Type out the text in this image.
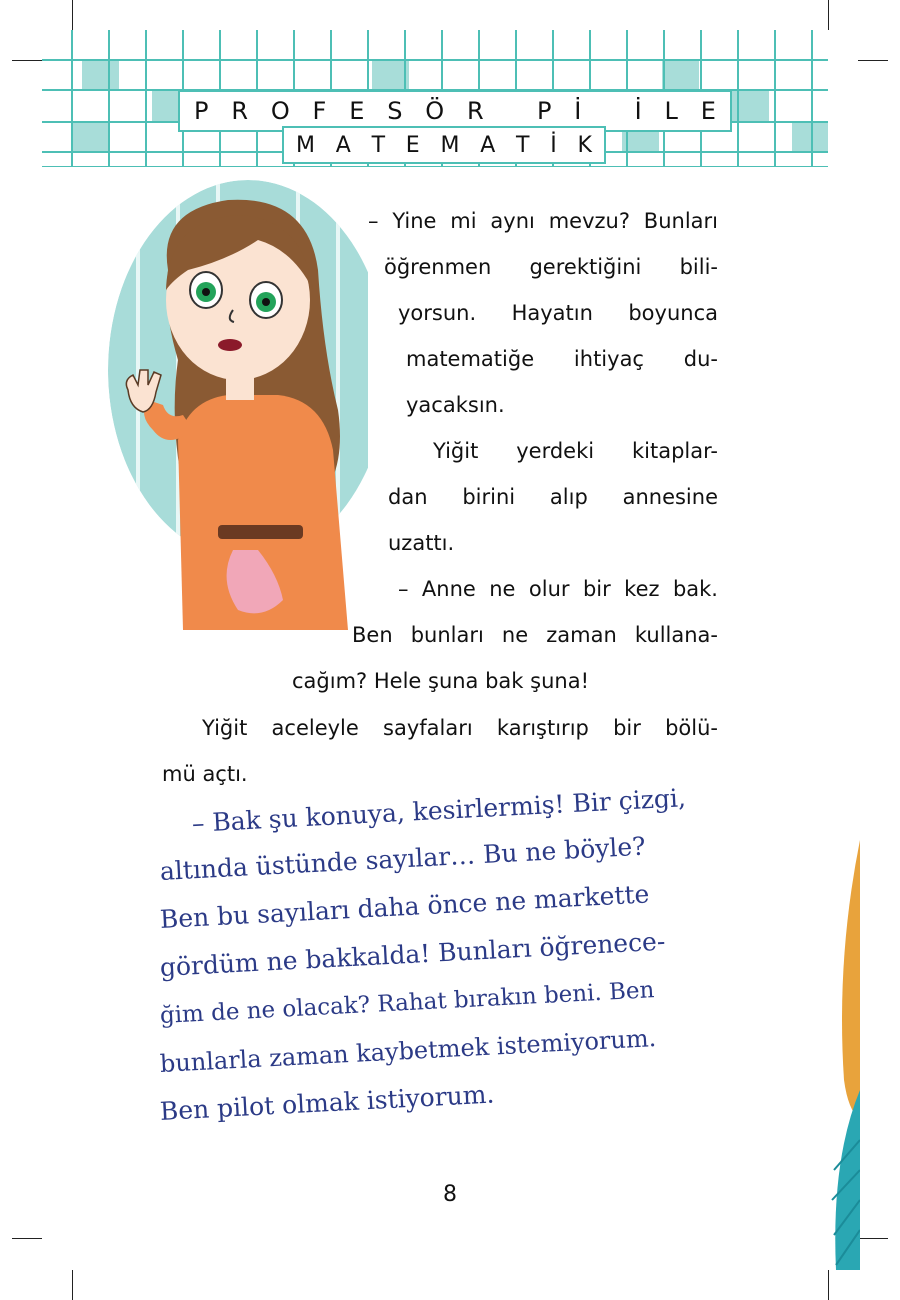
P R O F E S Ö R
P İ
İ L E
M A T E M A T İ K
– Yine mi aynı mevzu? Bunları
öğrenmen gerektiğini bili-
yorsun. Hayatın boyunca
matematiğe ihtiyaç du-
yacaksın.
Yiğit yerdeki kitaplar-
dan birini alıp annesine
uzattı.
– Anne ne olur bir kez bak.
Ben bunları ne zaman kullana-
cağım? Hele şuna bak şuna!
Yiğit aceleyle sayfaları karıştırıp bir bölü-
mü açtı.
– Bak şu konuya, kesirlermiş! Bir çizgi,
altında üstünde sayılar… Bu ne böyle?
Ben bu sayıları daha önce ne markette
gördüm ne bakkalda! Bunları öğrenece-
ğim de ne olacak? Rahat bırakın beni. Ben
bunlarla zaman kaybetmek istemiyorum.
Ben pilot olmak istiyorum.
8
